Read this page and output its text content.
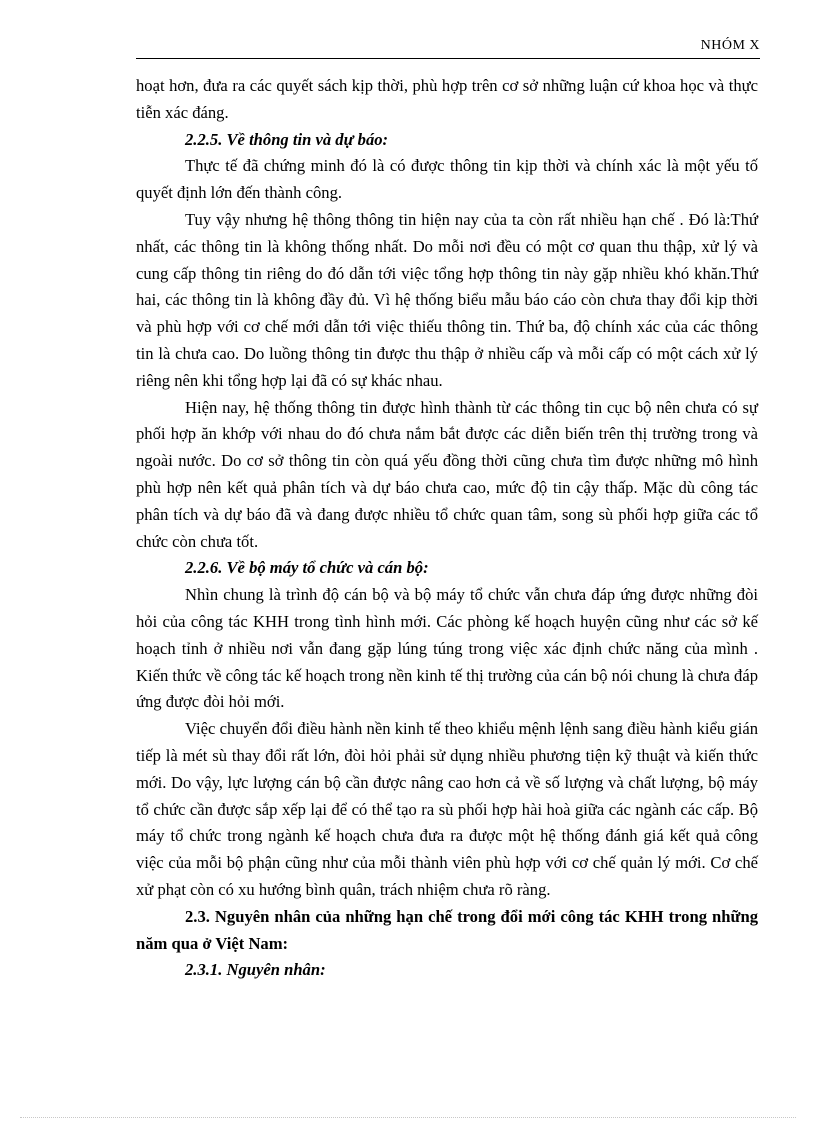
NHÓM X

hoạt hơn, đưa ra các quyết sách kịp thời, phù hợp trên cơ sở những luận cứ khoa học và thực tiễn xác đáng.

2.2.5. Về thông tin và dự báo:

Thực tế đã chứng minh đó là có được thông tin kịp thời và chính xác là một yếu tố quyết định lớn đến thành công.

Tuy vậy nhưng hệ thông thông tin hiện nay của ta còn rất nhiều hạn chế . Đó là:Thứ nhất, các thông tin là không thống nhất. Do mỗi nơi đều có một cơ quan thu thập, xử lý và cung cấp thông tin riêng do đó dẫn tới việc tổng hợp thông tin này gặp nhiều khó khăn.Thứ hai, các thông tin là không đầy đủ. Vì hệ thống biểu mẫu báo cáo còn chưa thay đổi kịp thời và phù hợp với cơ chế mới dẫn tới việc thiếu thông tin. Thứ ba, độ chính xác của các thông tin là chưa cao. Do luồng thông tin được thu thập ở nhiều cấp và mỗi cấp có một cách xử lý riêng nên khi tổng hợp lại đã có sự khác nhau.

Hiện nay, hệ thống thông tin được hình thành từ các thông tin cục bộ nên chưa có sự phối hợp ăn khớp với nhau do đó chưa nắm bắt được các diễn biến trên thị trường trong và ngoài nước. Do cơ sở thông tin còn quá yếu đồng thời cũng chưa tìm được những mô hình phù hợp nên kết quả phân tích và dự báo chưa cao, mức độ tin cậy thấp. Mặc dù công tác phân tích và dự báo đã và đang được nhiều tổ chức quan tâm, song sù phối hợp giữa các tổ chức còn chưa tốt.

2.2.6. Về bộ máy tổ chức và cán bộ:

Nhìn chung là trình độ cán bộ và bộ máy tổ chức vẫn chưa đáp ứng được những đòi hỏi của công tác KHH trong tình hình mới. Các phòng kế hoạch huyện cũng như các sở kế hoạch tỉnh ở nhiều nơi vẫn đang gặp lúng túng trong việc xác định chức năng của mình . Kiến thức về công tác kế hoạch trong nền kinh tế thị trường của cán bộ nói chung là chưa đáp ứng được đòi hỏi mới.

Việc chuyển đổi điều hành nền kinh tế theo khiểu mệnh lệnh sang điều hành kiểu gián tiếp là mét sù thay đổi rất lớn, đòi hỏi phải sử dụng nhiều phương tiện kỹ thuật và kiến thức mới. Do vậy, lực lượng cán bộ cần được nâng cao hơn cả về số lượng và chất lượng, bộ máy tổ chức cần được sắp xếp lại để có thể tạo ra sù phối hợp hài hoà giữa các ngành các cấp. Bộ máy tổ chức trong ngành kế hoạch chưa đưa ra được một hệ thống đánh giá kết quả công việc của mỗi bộ phận cũng như của mỗi thành viên phù hợp với cơ chế quản lý mới. Cơ chế xử phạt còn có xu hướng bình quân, trách nhiệm chưa rõ ràng.

2.3. Nguyên nhân của những hạn chế trong đổi mới công tác KHH trong những năm qua ở Việt Nam:

2.3.1. Nguyên nhân:
